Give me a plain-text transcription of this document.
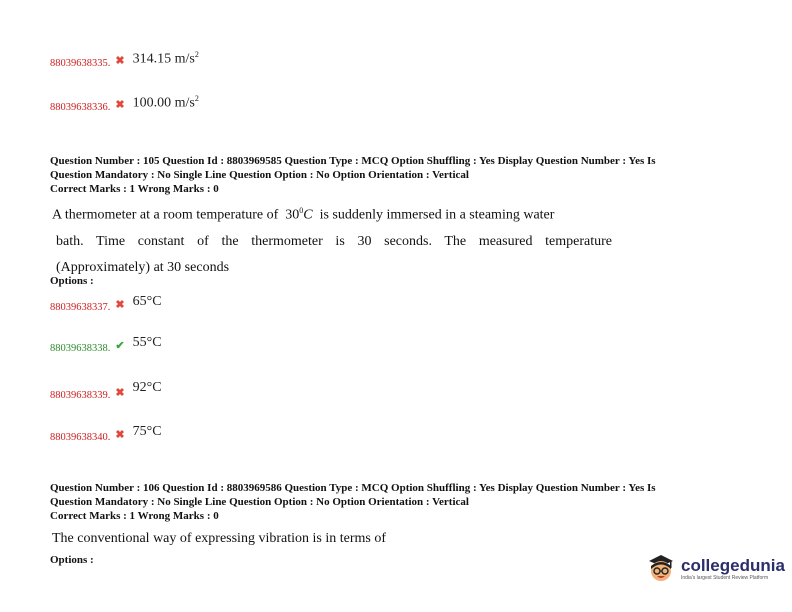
88039638335. ✖ 314.15 $m/s^2$
88039638336. ✖ 100.00 $m/s^2$
Question Number : 105 Question Id : 8803969585 Question Type : MCQ Option Shuffling : Yes Display Question Number : Yes Is
Question Mandatory : No Single Line Question Option : No Option Orientation : Vertical
Correct Marks : 1 Wrong Marks : 0
A thermometer at a room temperature of $30^0C$ is suddenly immersed in a steaming water
bath. Time constant of the thermometer is 30 seconds. The measured temperature
(Approximately) at 30 seconds
Options :
88039638337. ✖ 65°C
88039638338. ✔ 55°C
88039638339. ✖ 92°C
88039638340. ✖ 75°C
Question Number : 106 Question Id : 8803969586 Question Type : MCQ Option Shuffling : Yes Display Question Number : Yes Is
Question Mandatory : No Single Line Question Option : No Option Orientation : Vertical
Correct Marks : 1 Wrong Marks : 0
The conventional way of expressing vibration is in terms of
Options :	collegedunia
India's largest Student Review Platform
